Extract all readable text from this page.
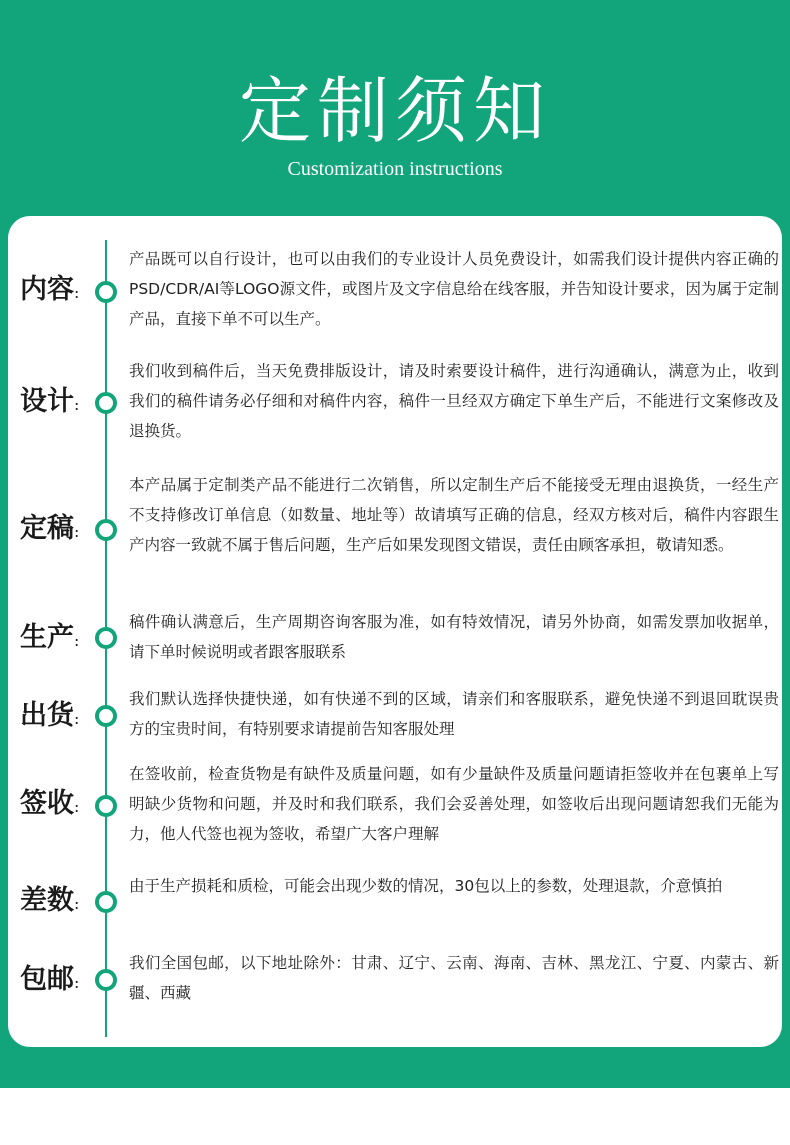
定制须知
Customization instructions
内容:
产品既可以自行设计，也可以由我们的专业设计人员免费设计，如需我们设计提供内容正确的PSD/CDR/AI等LOGO源文件，或图片及文字信息给在线客服，并告知设计要求，因为属于定制产品，直接下单不可以生产。
设计:
我们收到稿件后，当天免费排版设计，请及时索要设计稿件，进行沟通确认，满意为止，收到我们的稿件请务必仔细和对稿件内容，稿件一旦经双方确定下单生产后，不能进行文案修改及退换货。
定稿:
本产品属于定制类产品不能进行二次销售，所以定制生产后不能接受无理由退换货，一经生产不支持修改订单信息（如数量、地址等）故请填写正确的信息，经双方核对后，稿件内容跟生产内容一致就不属于售后问题，生产后如果发现图文错误，责任由顾客承担，敬请知悉。
生产:
稿件确认满意后，生产周期咨询客服为准，如有特效情况，请另外协商，如需发票加收据单，请下单时候说明或者跟客服联系
出货:
我们默认选择快捷快递，如有快递不到的区域，请亲们和客服联系，避免快递不到退回耽误贵方的宝贵时间，有特别要求请提前告知客服处理
签收:
在签收前，检查货物是有缺件及质量问题，如有少量缺件及质量问题请拒签收并在包裹单上写明缺少货物和问题，并及时和我们联系，我们会妥善处理，如签收后出现问题请恕我们无能为力，他人代签也视为签收，希望广大客户理解
差数:
由于生产损耗和质检，可能会出现少数的情况，30包以上的参数，处理退款，介意慎拍
包邮:
我们全国包邮，以下地址除外：甘肃、辽宁、云南、海南、吉林、黑龙江、宁夏、内蒙古、新疆、西藏
